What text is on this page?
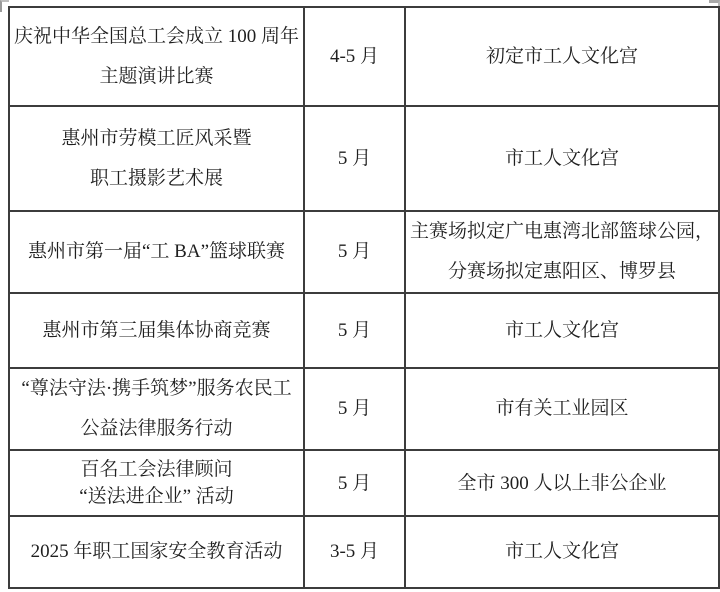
庆祝中华全国总工会成立 100 周年
主题演讲比赛	4-5 月	初定市工人文化宫

惠州市劳模工匠风采暨
职工摄影艺术展	5 月	市工人文化宫

惠州市第一届“工 BA”篮球联赛	5 月	主赛场拟定广电惠湾北部篮球公园，
分赛场拟定惠阳区、博罗县

惠州市第三届集体协商竞赛	5 月	市工人文化宫

“尊法守法·携手筑梦”服务农民工
公益法律服务行动	5 月	市有关工业园区

百名工会法律顾问
“送法进企业” 活动	5 月	全市 300 人以上非公企业

2025 年职工国家安全教育活动	3-5 月	市工人文化宫
